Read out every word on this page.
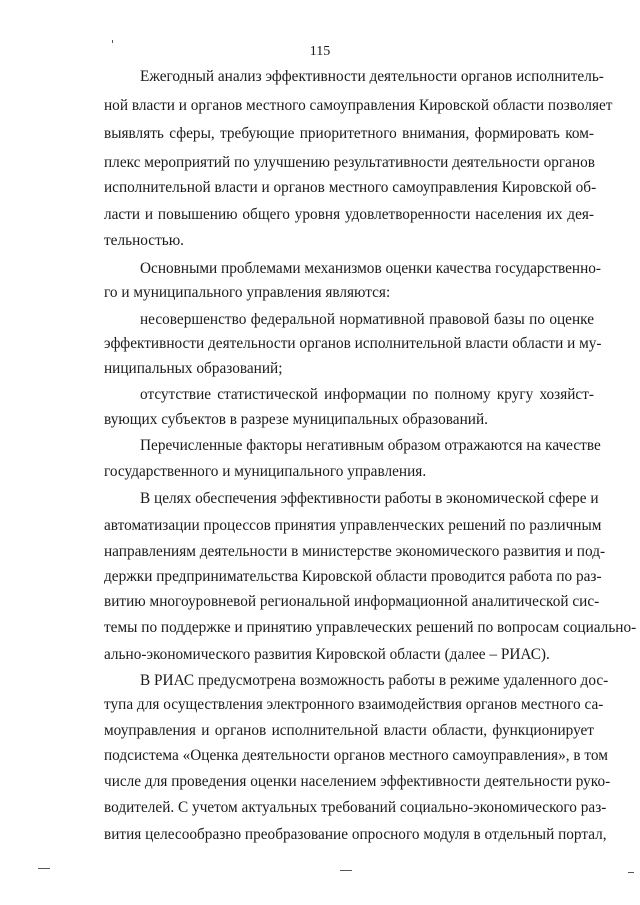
115
Ежегодный анализ эффективности деятельности органов исполнитель-
ной власти и органов местного самоуправления Кировской области позволяет
выявлять сферы, требующие приоритетного внимания, формировать ком-
плекс мероприятий по улучшению результативности деятельности органов
исполнительной власти и органов местного самоуправления Кировской об-
ласти и повышению общего уровня удовлетворенности населения их дея-
тельностью.
Основными проблемами механизмов оценки качества государственно-
го и муниципального управления являются:
несовершенство федеральной нормативной правовой базы по оценке
эффективности деятельности органов исполнительной власти области и му-
ниципальных образований;
отсутствие статистической информации по полному кругу хозяйст-
вующих субъектов в разрезе муниципальных образований.
Перечисленные факторы негативным образом отражаются на качестве
государственного и муниципального управления.
В целях обеспечения эффективности работы в экономической сфере и
автоматизации процессов принятия управленческих решений по различным
направлениям деятельности в министерстве экономического развития и под-
держки предпринимательства Кировской области проводится работа по раз-
витию многоуровневой региональной информационной аналитической сис-
темы по поддержке и принятию управлеческих решений по вопросам социально-
ально-экономического развития Кировской области (далее – РИАС).
В РИАС предусмотрена возможность работы в режиме удаленного дос-
тупа для осуществления электронного взаимодействия органов местного са-
моуправления и органов исполнительной власти области, функционирует
подсистема «Оценка деятельности органов местного самоуправления», в том
числе для проведения оценки населением эффективности деятельности руко-
водителей. С учетом актуальных требований социально-экономического раз-
вития целесообразно преобразование опросного модуля в отдельный портал,
